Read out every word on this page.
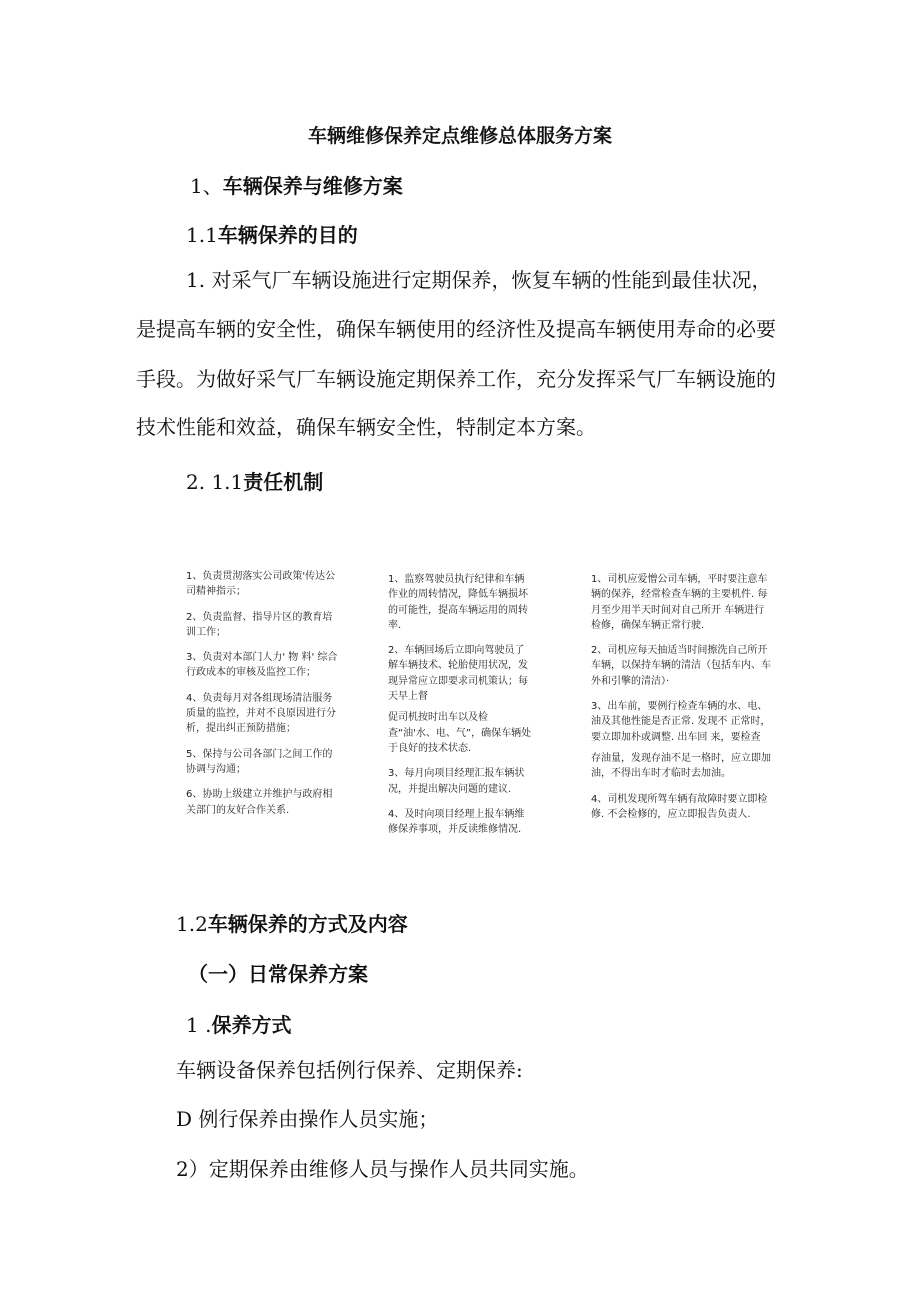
车辆维修保养定点维修总体服务方案
1、车辆保养与维修方案
1.1车辆保养的目的
1. 对采气厂车辆设施进行定期保养，恢复车辆的性能到最佳状况，
是提高车辆的安全性，确保车辆使用的经济性及提高车辆使用寿命的必要
手段。为做好采气厂车辆设施定期保养工作，充分发挥采气厂车辆设施的
技术性能和效益，确保车辆安全性，特制定本方案。
2. 1.1责任机制

1、负责贯沏落实公司政策'传达公司精神指示；

2、负责监督、指导片区的教育培训工作；

3、负责对本部门人力' 物 料' 综合行政成本的审核及监控工作；

4、负责每月对各组现场清洁服务质量的监控，并对不良原因进行分析，提出纠正预防措施；

5、保持与公司各部门之间工作的协调与沟通；

6、协助上级建立并维护与政府相关部门的友好合作关系.

1、监察驾驶员执行纪律和车辆作业的周转情况，降低车辆损坏的可能性，提高车辆运用的周转率.

2、车辆回场后立即向驾驶员了解车辆技术、轮胎使用状况，发现异常应立即要求司机策认；每天早上督

促司机按时出车以及检查“油'水、电、气”，确保车辆处于良好的技术状态.

3、每月向项目经理汇报车辆状况，并提出解决问题的建议.

4、及时向项目经理上报车辆维修保养事项，并反读维修情况.

1、司机应爱憎公司车辆，平时要注意车辆的保养，经常检查车辆的主要机件. 每月至少用半天时间对自己所开 车辆进行检修，确保车辆正常行驶.

2、司机应每天抽适当时间擦洗自己所开车辆，以保持车辆的清洁（包括车内、车外和引擎的清洁）·

3、出车前，要例行检查车辆的水、电、油及其他性能是否正常. 发现不 正常时，要立即加朴或调整. 出车回 来，要检查

存油量，发现存油不足一格时，应立即加油，不得出车时才临时去加油。

4、司机发现所驾车辆有故障时要立即检修. 不会检修的，应立即报告负责人.

1.2车辆保养的方式及内容
（一）日常保养方案
1 .保养方式
车辆设备保养包括例行保养、定期保养:
D 例行保养由操作人员实施；
2）定期保养由维修人员与操作人员共同实施。
